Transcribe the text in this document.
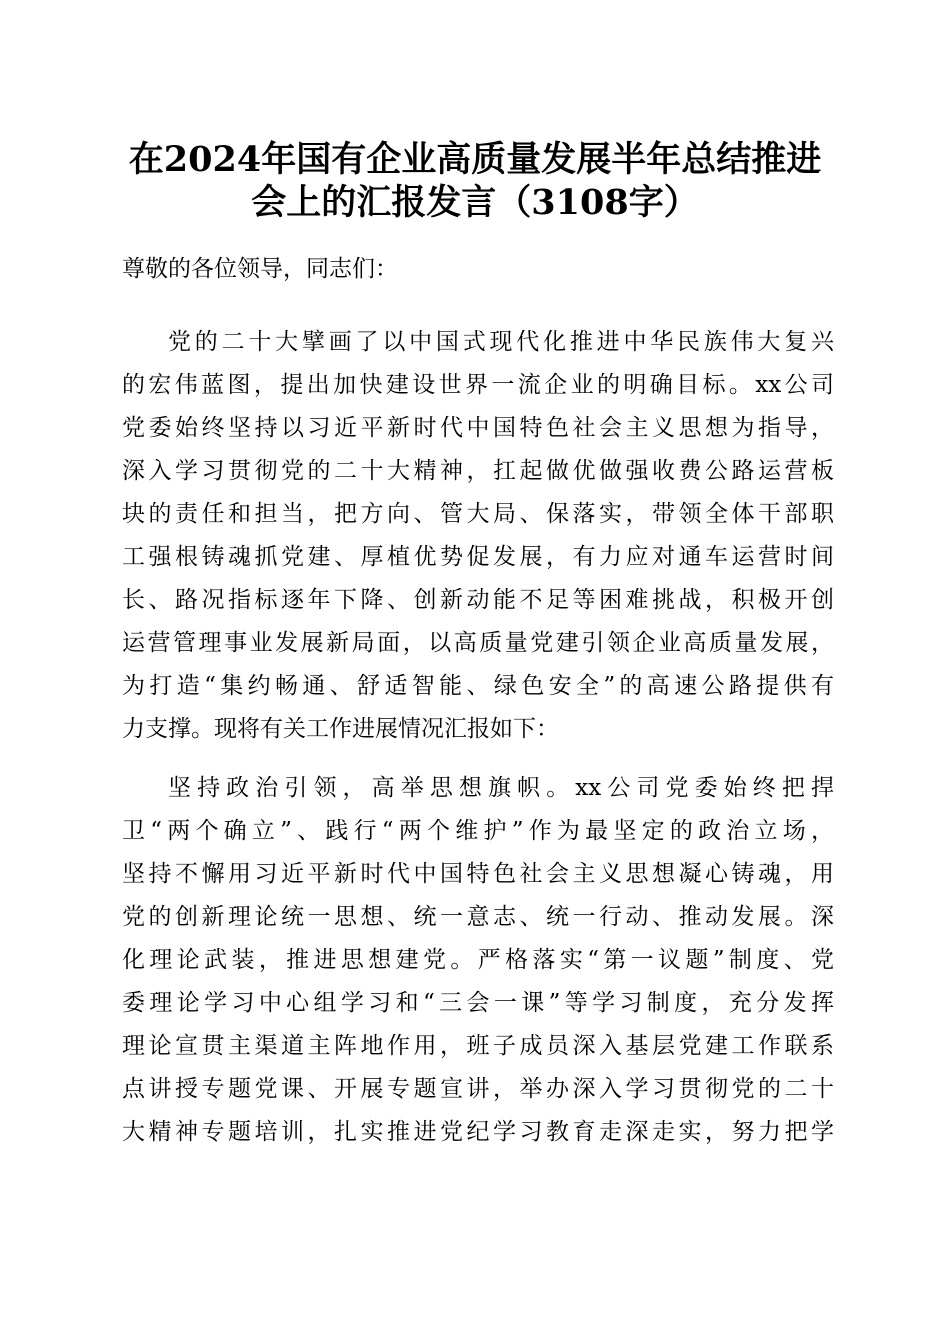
在2024年国有企业高质量发展半年总结推进
会上的汇报发言（3108字）
尊敬的各位领导，同志们：
党的二十大擘画了以中国式现代化推进中华民族伟大复兴
的宏伟蓝图，提出加快建设世界一流企业的明确目标。xx公司
党委始终坚持以习近平新时代中国特色社会主义思想为指导，
深入学习贯彻党的二十大精神，扛起做优做强收费公路运营板
块的责任和担当，把方向、管大局、保落实，带领全体干部职
工强根铸魂抓党建、厚植优势促发展，有力应对通车运营时间
长、路况指标逐年下降、创新动能不足等困难挑战，积极开创
运营管理事业发展新局面，以高质量党建引领企业高质量发展，
为打造“集约畅通、舒适智能、绿色安全”的高速公路提供有
力支撑。现将有关工作进展情况汇报如下：
坚持政治引领，高举思想旗帜。xx公司党委始终把捍
卫“两个确立”、践行“两个维护”作为最坚定的政治立场，
坚持不懈用习近平新时代中国特色社会主义思想凝心铸魂，用
党的创新理论统一思想、统一意志、统一行动、推动发展。深
化理论武装，推进思想建党。严格落实“第一议题”制度、党
委理论学习中心组学习和“三会一课”等学习制度，充分发挥
理论宣贯主渠道主阵地作用，班子成员深入基层党建工作联系
点讲授专题党课、开展专题宣讲，举办深入学习贯彻党的二十
大精神专题培训，扎实推进党纪学习教育走深走实，努力把学
